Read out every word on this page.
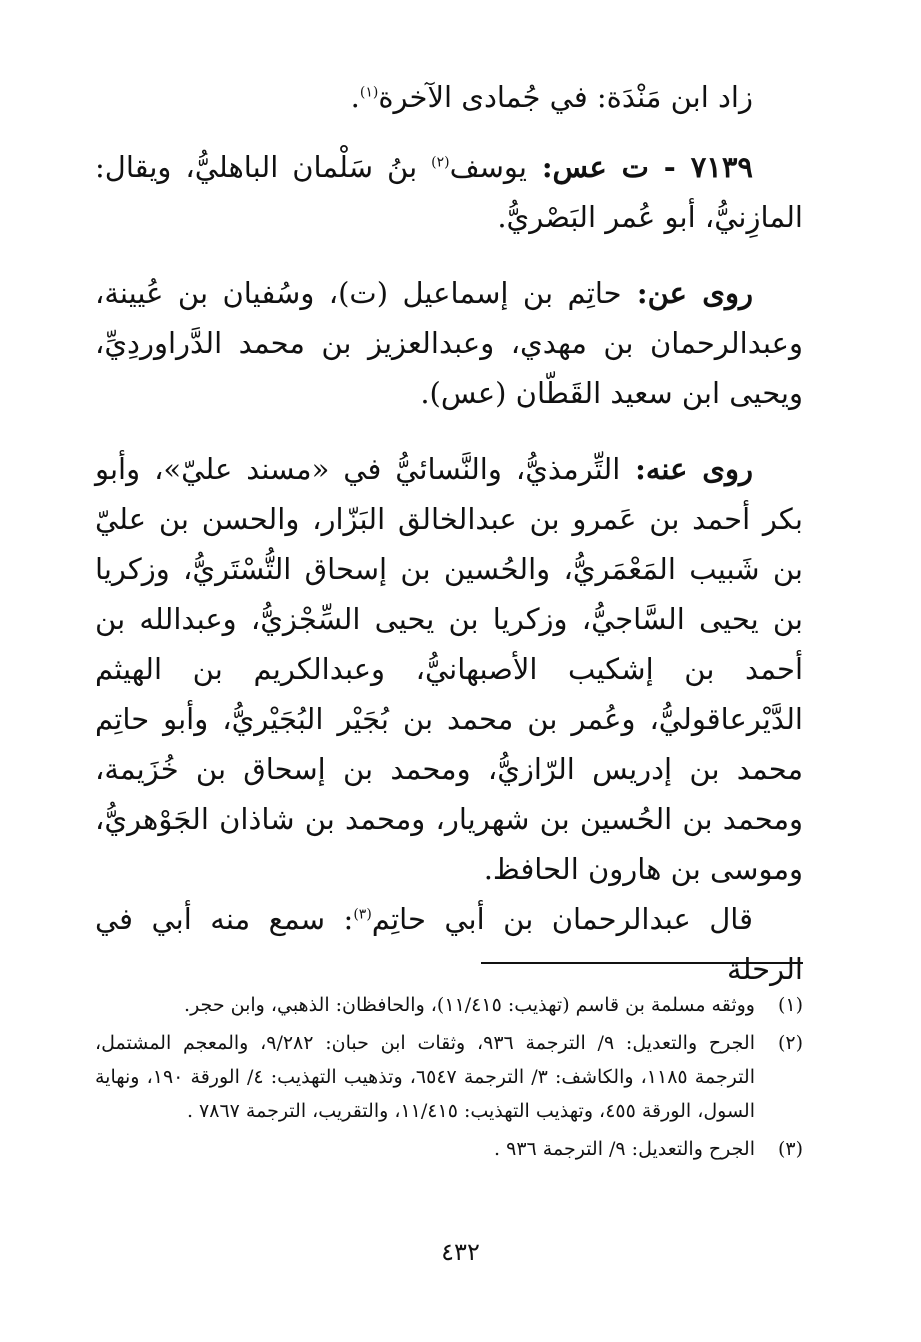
زاد ابن مَنْدَة: في جُمادى الآخرة$^{(١)}$.

٧١٣٩ - ت عس: يوسف$^{(٢)}$ بنُ سَلْمان الباهليُّ، ويقال: المازِنيُّ، أبو عُمر البَصْريُّ.

روى عن: حاتِم بن إسماعيل (ت)، وسُفيان بن عُيينة، وعبدالرحمان بن مهدي، وعبدالعزيز بن محمد الدَّراوردِيِّ، ويحيى ابن سعيد القَطّان (عس).

روى عنه: التِّرمذيُّ، والنَّسائيُّ في «مسند عليّ»، وأبو بكر أحمد بن عَمرو بن عبدالخالق البَزّار، والحسن بن عليّ بن شَبيب المَعْمَريُّ، والحُسين بن إسحاق التُّسْتَريُّ، وزكريا بن يحيى السَّاجيُّ، وزكريا بن يحيى السِّجْزيُّ، وعبدالله بن أحمد بن إشكيب الأصبهانيُّ، وعبدالكريم بن الهيثم الدَّيْرعاقوليُّ، وعُمر بن محمد بن بُجَيْر البُجَيْريُّ، وأبو حاتِم محمد بن إدريس الرّازيُّ، ومحمد بن إسحاق بن خُزَيمة، ومحمد بن الحُسين بن شهريار، ومحمد بن شاذان الجَوْهريُّ، وموسى بن هارون الحافظ.

قال عبدالرحمان بن أبي حاتِم$^{(٣)}$: سمع منه أبي في الرحلة

(١)
ووثقه مسلمة بن قاسم (تهذيب: ١١/٤١٥)، والحافظان: الذهبي، وابن حجر.
(٢)
الجرح والتعديل: ٩/ الترجمة ٩٣٦، وثقات ابن حبان: ٩/٢٨٢، والمعجم المشتمل، الترجمة ١١٨٥، والكاشف: ٣/ الترجمة ٦٥٤٧، وتذهيب التهذيب: ٤/ الورقة ١٩٠، ونهاية السول، الورقة ٤٥٥، وتهذيب التهذيب: ١١/٤١٥، والتقريب، الترجمة ٧٨٦٧ .
(٣)
الجرح والتعديل: ٩/ الترجمة ٩٣٦ .
٤٣٢
